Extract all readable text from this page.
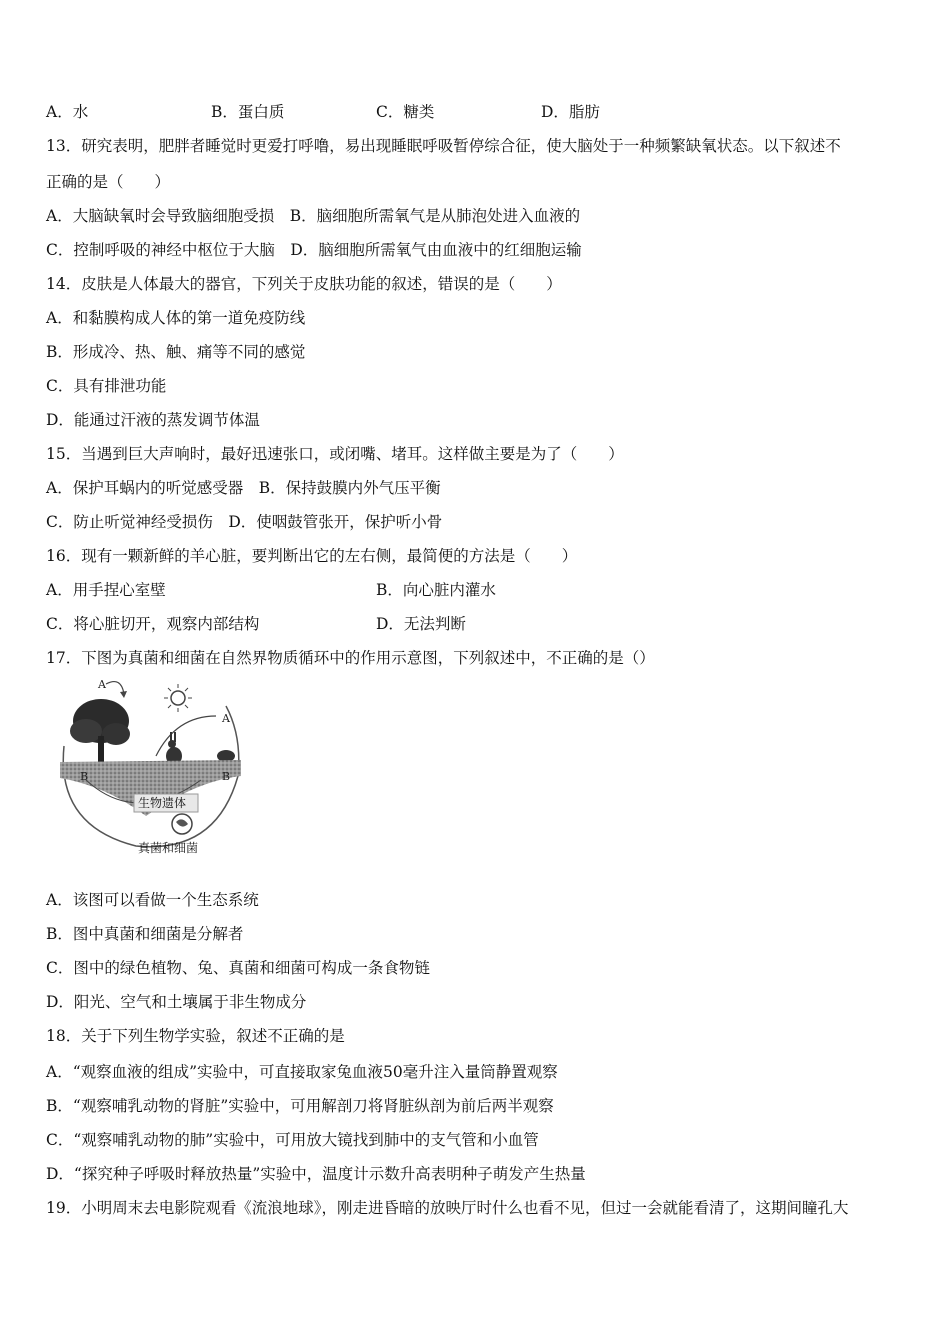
A．水	B．蛋白质	C．糖类	D．脂肪
13．研究表明，肥胖者睡觉时更爱打呼噜，易出现睡眠呼吸暂停综合征，使大脑处于一种频繁缺氧状态。以下叙述不
正确的是（　　）
A．大脑缺氧时会导致脑细胞受损　B．脑细胞所需氧气是从肺泡处进入血液的
C．控制呼吸的神经中枢位于大脑　D．脑细胞所需氧气由血液中的红细胞运输
14．皮肤是人体最大的器官，下列关于皮肤功能的叙述，错误的是（　　）
A．和黏膜构成人体的第一道免疫防线
B．形成冷、热、触、痛等不同的感觉
C．具有排泄功能
D．能通过汗液的蒸发调节体温
15．当遇到巨大声响时，最好迅速张口，或闭嘴、堵耳。这样做主要是为了（　　）
A．保护耳蜗内的听觉感受器　B．保持鼓膜内外气压平衡
C．防止听觉神经受损伤　D．使咽鼓管张开，保护听小骨
16．现有一颗新鲜的羊心脏，要判断出它的左右侧，最简便的方法是（　　）
A．用手捏心室壁	B．向心脏内灌水
C．将心脏切开，观察内部结构	D．无法判断
17．下图为真菌和细菌在自然界物质循环中的作用示意图，下列叙述中，不正确的是（）
A
A
B	B
生物遗体
真菌和细菌
A．该图可以看做一个生态系统
B．图中真菌和细菌是分解者
C．图中的绿色植物、兔、真菌和细菌可构成一条食物链
D．阳光、空气和土壤属于非生物成分
18．关于下列生物学实验，叙述不正确的是
A．“观察血液的组成”实验中，可直接取家兔血液50毫升注入量筒静置观察
B．“观察哺乳动物的肾脏”实验中，可用解剖刀将肾脏纵剖为前后两半观察
C．“观察哺乳动物的肺”实验中，可用放大镜找到肺中的支气管和小血管
D．“探究种子呼吸时释放热量”实验中，温度计示数升高表明种子萌发产生热量
19．小明周末去电影院观看《流浪地球》，刚走进昏暗的放映厅时什么也看不见，但过一会就能看清了，这期间瞳孔大
